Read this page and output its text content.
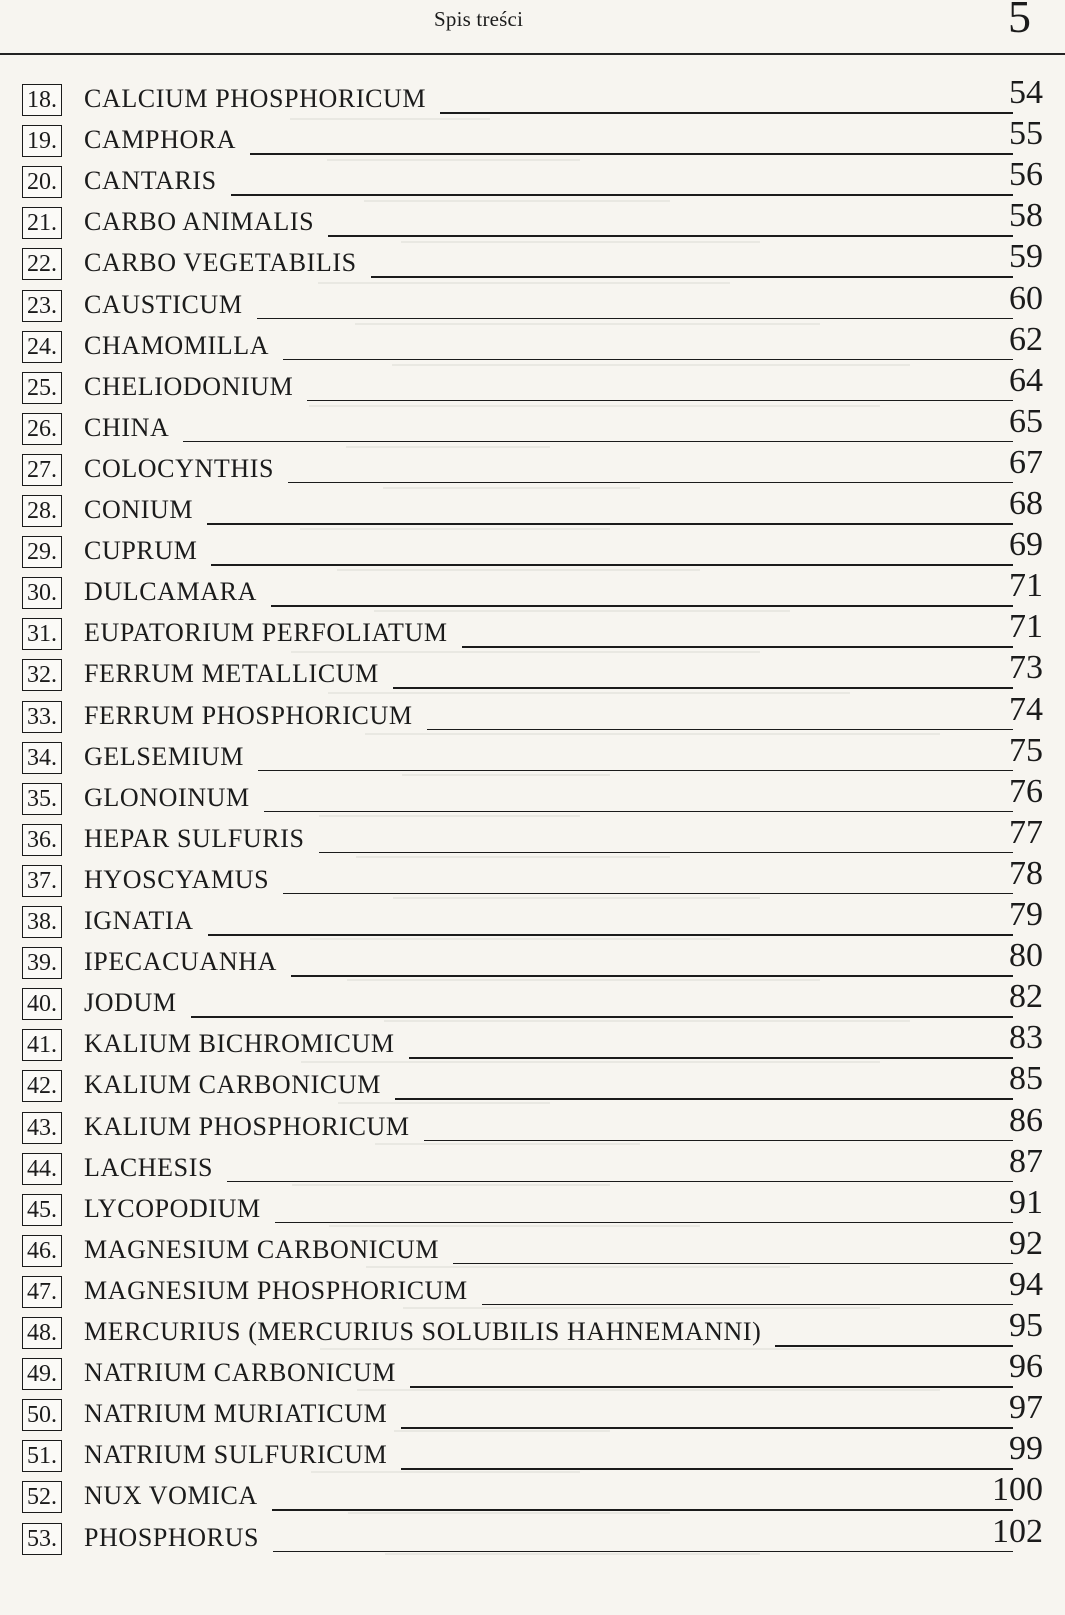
Spis treści	5
18. CALCIUM PHOSPHORICUM	54
19. CAMPHORA	55
20. CANTARIS	56
21. CARBO ANIMALIS	58
22. CARBO VEGETABILIS	59
23. CAUSTICUM	60
24. CHAMOMILLA	62
25. CHELIODONIUM	64
26. CHINA	65
27. COLOCYNTHIS	67
28. CONIUM	68
29. CUPRUM	69
30. DULCAMARA	71
31. EUPATORIUM PERFOLIATUM	71
32. FERRUM METALLICUM	73
33. FERRUM PHOSPHORICUM	74
34. GELSEMIUM	75
35. GLONOINUM	76
36. HEPAR SULFURIS	77
37. HYOSCYAMUS	78
38. IGNATIA	79
39. IPECACUANHA	80
40. JODUM	82
41. KALIUM BICHROMICUM	83
42. KALIUM CARBONICUM	85
43. KALIUM PHOSPHORICUM	86
44. LACHESIS	87
45. LYCOPODIUM	91
46. MAGNESIUM CARBONICUM	92
47. MAGNESIUM PHOSPHORICUM	94
48. MERCURIUS (MERCURIUS SOLUBILIS HAHNEMANNI)	95
49. NATRIUM CARBONICUM	96
50. NATRIUM MURIATICUM	97
51. NATRIUM SULFURICUM	99
52. NUX VOMICA	100
53. PHOSPHORUS	102
